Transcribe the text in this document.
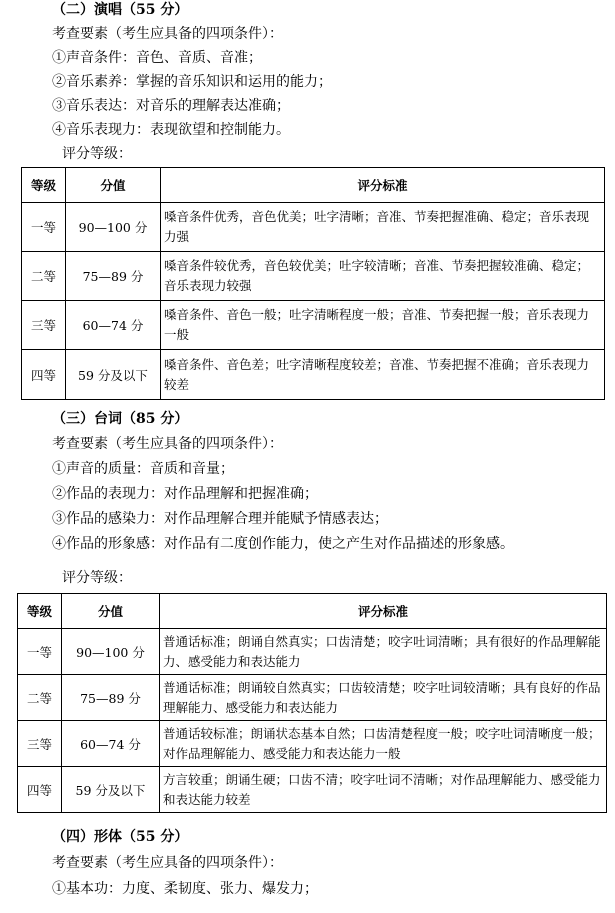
（二）演唱（55 分）
考查要素（考生应具备的四项条件）：
①声音条件：音色、音质、音准；
②音乐素养：掌握的音乐知识和运用的能力；
③音乐表达：对音乐的理解表达准确；
④音乐表现力：表现欲望和控制能力。
评分等级：
等级	分值	评分标准
一等	90—100 分	嗓音条件优秀，音色优美；吐字清晰；音准、节奏把握准确、稳定；音乐表现力强
二等	75—89 分	嗓音条件较优秀，音色较优美；吐字较清晰；音准、节奏把握较准确、稳定；音乐表现力较强
三等	60—74 分	嗓音条件、音色一般；吐字清晰程度一般；音准、节奏把握一般；音乐表现力一般
四等	59 分及以下	嗓音条件、音色差；吐字清晰程度较差；音准、节奏把握不准确；音乐表现力较差
（三）台词（85 分）
考查要素（考生应具备的四项条件）：
①声音的质量：音质和音量；
②作品的表现力：对作品理解和把握准确；
③作品的感染力：对作品理解合理并能赋予情感表达；
④作品的形象感：对作品有二度创作能力，使之产生对作品描述的形象感。
评分等级：
等级	分值	评分标准
一等	90—100 分	普通话标准；朗诵自然真实；口齿清楚；咬字吐词清晰；具有很好的作品理解能力、感受能力和表达能力
二等	75—89 分	普通话标准；朗诵较自然真实；口齿较清楚；咬字吐词较清晰；具有良好的作品理解能力、感受能力和表达能力
三等	60—74 分	普通话较标准；朗诵状态基本自然；口齿清楚程度一般；咬字吐词清晰度一般；对作品理解能力、感受能力和表达能力一般
四等	59 分及以下	方言较重；朗诵生硬；口齿不清；咬字吐词不清晰；对作品理解能力、感受能力和表达能力较差
（四）形体（55 分）
考查要素（考生应具备的四项条件）：
①基本功：力度、柔韧度、张力、爆发力；
